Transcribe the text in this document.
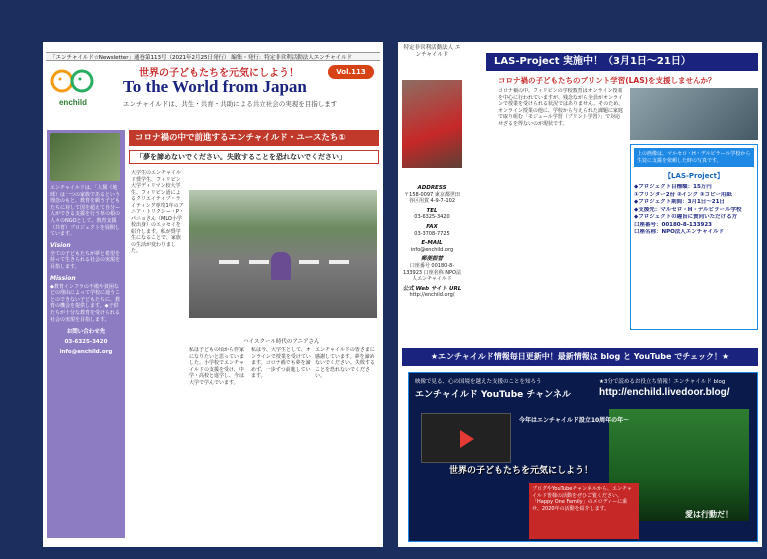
「エンチャイルド☆Newsletter」通巻第113号（2021年2月25日発行） 編集・発行：特定非営利活動法人エンチャイルド
enchild
世界の子どもたちを元気にしよう！	Vol.113
To the World from Japan
エンチャイルドは、共生・共育・共助による共立社会の実現を目指します

エンチャイルドは、「人類（地球）は一つの家族であるという理念のもと、教育を願う子どもたちに対して国を超えて自分ー人ができる支援を行う草の根の人々のNGOとして、教育支援（共育）プロジェクトを展開しています。

Vision

全ての子どもたちが夢と希望を持って生きられる社会の実現を目指します。

Mission

◆教育インフラの不備や貧困などの理由によって学校に通うことのできない子どもたちに、教育の機会を提供します。◆子供たちが十分な教育を受けられる社会の実現を目指します。

お問い合わせ先
03-6325-3420
info@enchild.org
コロナ禍の中で前進するエンチャイルド・ユースたち①
「夢を諦めないでください。失敗することを恐れないでください」
大学生のエンチャイルド奨学生、フィリピン大学ディリマン校大学生、フィリピン語によるクリエイティブ・ライティング専攻1年のアニア・トリクシー・P・パニョさん（MLO小学校出身）のエッセイを紹介します。私が奨学生になることで、家族の生活が変わりました。
ハイスクール時代のアニアさん
私は子どもの頃から作家になりたいと思っていました。小学校でエンチャイルドの支援を受け、中学・高校と進学し、今は大学で学んでいます。
私は今、大学生として、オンラインで授業を受けています。コロナ禍でも夢を諦めず、一歩ずつ前進しています。
エンチャイルドの皆さまに感謝しています。夢を諦めないでください。失敗することを恐れないでください。
特定非営利活動法人 エンチャイルド
ADDRESS
〒158-0097 東京都世田谷区用賀 4-9-7-102
TEL
03-6325-3420
FAX
03-3708-7725
E-MAIL
info@enchild.org
郵便振替
口座番号 00180-8-133923 口座名称 NPO法人エンチャイルド
公式 Web サイト URL
http://enchild.org/
LAS-Project 実施中！（3月1日〜21日）
コロナ禍の子どもたちのプリント学習(LAS)を支援しませんか？
コロナ禍の中、フィリピンの学校教育はオンライン授業を中心に行われていますが、残念ながら全員がオンラインで授業を受けられる状況ではありません。そのため、オンライン授業の他に、学校から与えられた課題に家庭で取り組む「モジュール学習（プリント学習）」で対応せざるを得ないのが現状です。
上の画像は、マルセロ・H・デルピラール学校から生徒に支援を依頼した時の写真です。
【LAS-Project】
◆プロジェクト目標額：15万円
①プリンター2台 ②インク ③コピー用紙
◆プロジェクト期間：3月1日〜21日
◆支援先：マルセロ・H・デルピラール学校
◆プロジェクトの趣旨に賛同いただける方
口座番号：00180-8-133923
口座名称：NPO法人エンチャイルド
★エンチャイルド情報毎日更新中！最新情報は blog と YouTube でチェック！★
映像で見る、心の国境を越えた支援のことを知ろう
エンチャイルド YouTube チャンネル
★3分で読めるお役立ち情報！エンチャイルド blog
http://enchild.livedoor.blog/
今年はエンチャイルド設立10周年の年〜
世界の子どもたちを元気にしよう！
ブログやYouTubeチャンネルから、エンチャイルド皆様の活動をぜひご覧ください。「Happy One Family」のメロディーに乗せ、2020年の活動を紹介します。
愛は行動だ！
